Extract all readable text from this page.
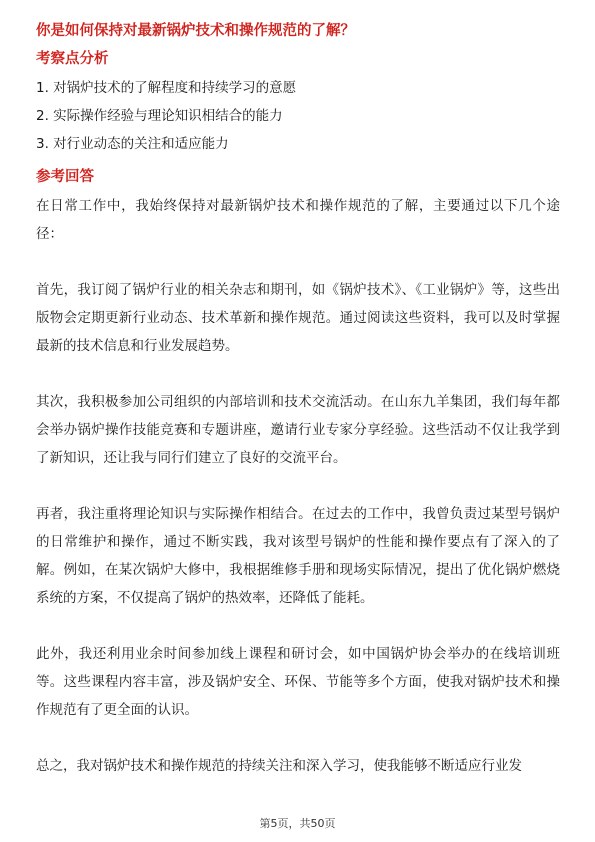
你是如何保持对最新锅炉技术和操作规范的了解？
考察点分析
1. 对锅炉技术的了解程度和持续学习的意愿
2. 实际操作经验与理论知识相结合的能力
3. 对行业动态的关注和适应能力
参考回答

在日常工作中，我始终保持对最新锅炉技术和操作规范的了解，主要通过以下几个途径：

首先，我订阅了锅炉行业的相关杂志和期刊，如《锅炉技术》、《工业锅炉》等，这些出版物会定期更新行业动态、技术革新和操作规范。通过阅读这些资料，我可以及时掌握最新的技术信息和行业发展趋势。

其次，我积极参加公司组织的内部培训和技术交流活动。在山东九羊集团，我们每年都会举办锅炉操作技能竞赛和专题讲座，邀请行业专家分享经验。这些活动不仅让我学到了新知识，还让我与同行们建立了良好的交流平台。

再者，我注重将理论知识与实际操作相结合。在过去的工作中，我曾负责过某型号锅炉的日常维护和操作，通过不断实践，我对该型号锅炉的性能和操作要点有了深入的了解。例如，在某次锅炉大修中，我根据维修手册和现场实际情况，提出了优化锅炉燃烧系统的方案，不仅提高了锅炉的热效率，还降低了能耗。

此外，我还利用业余时间参加线上课程和研讨会，如中国锅炉协会举办的在线培训班等。这些课程内容丰富，涉及锅炉安全、环保、节能等多个方面，使我对锅炉技术和操作规范有了更全面的认识。

总之，我对锅炉技术和操作规范的持续关注和深入学习，使我能够不断适应行业发

第5页，共50页
